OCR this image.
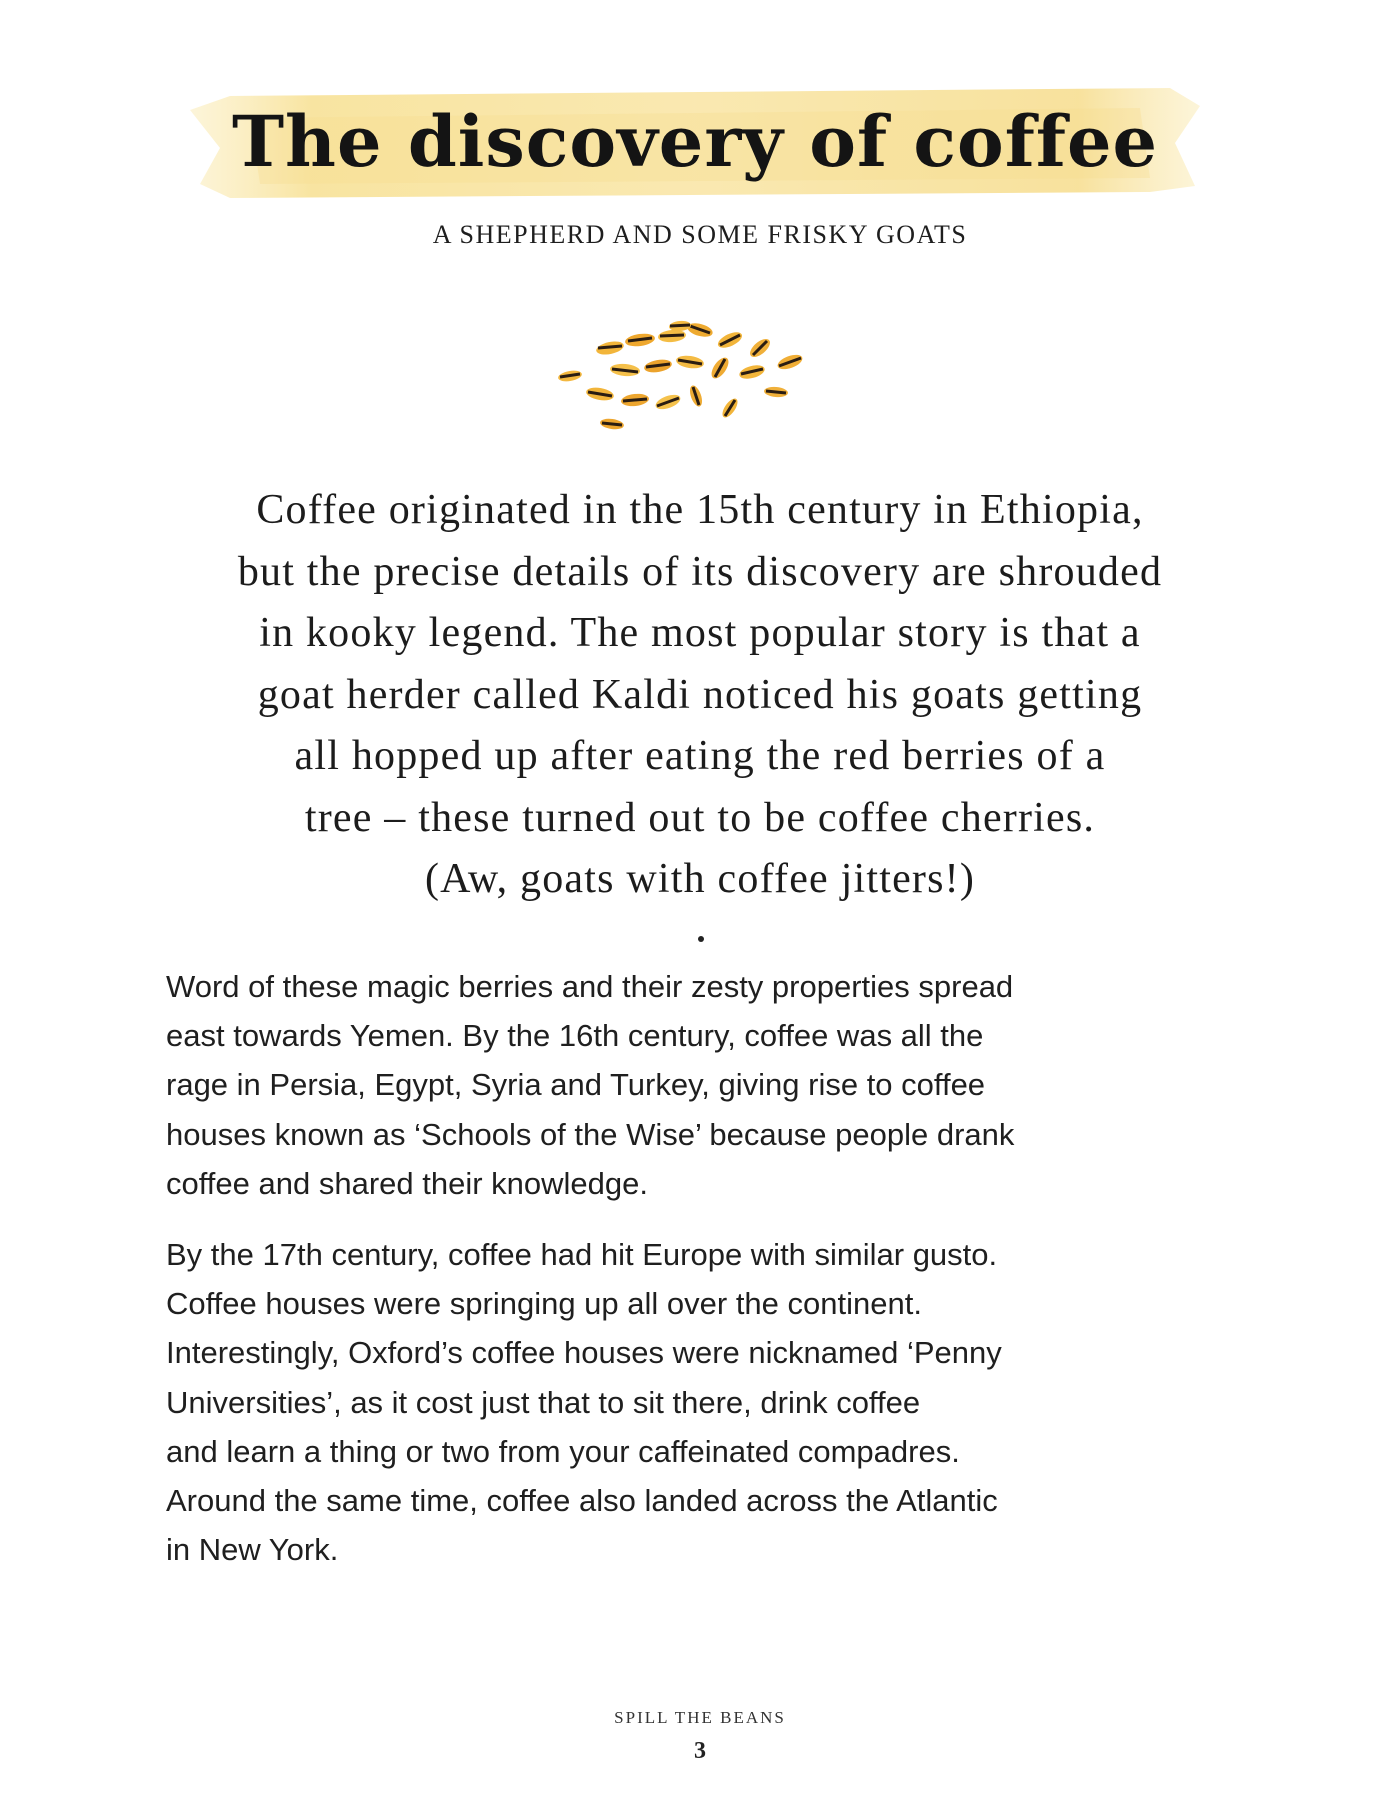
The discovery of coffee

A SHEPHERD AND SOME FRISKY GOATS

Coffee originated in the 15th century in Ethiopia,
but the precise details of its discovery are shrouded
in kooky legend. The most popular story is that a
goat herder called Kaldi noticed his goats getting
all hopped up after eating the red berries of a
tree – these turned out to be coffee cherries.
(Aw, goats with coffee jitters!)

Word of these magic berries and their zesty properties spread
east towards Yemen. By the 16th century, coffee was all the
rage in Persia, Egypt, Syria and Turkey, giving rise to coffee
houses known as ‘Schools of the Wise’ because people drank
coffee and shared their knowledge.

By the 17th century, coffee had hit Europe with similar gusto.
Coffee houses were springing up all over the continent.
Interestingly, Oxford’s coffee houses were nicknamed ‘Penny
Universities’, as it cost just that to sit there, drink coffee
and learn a thing or two from your caffeinated compadres.
Around the same time, coffee also landed across the Atlantic
in New York.

SPILL THE BEANS

3
